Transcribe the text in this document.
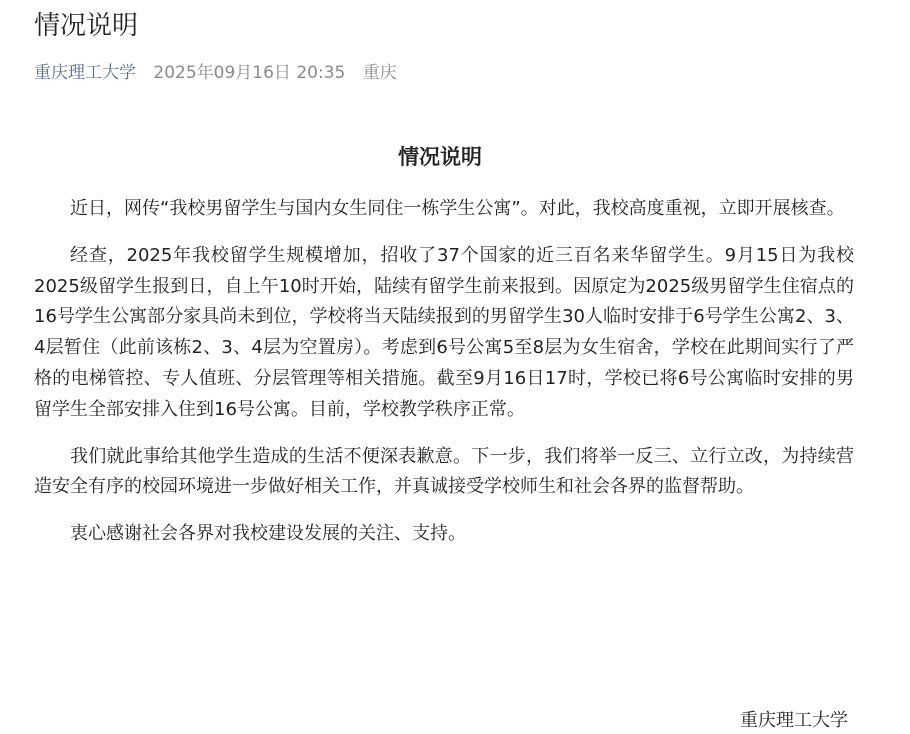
情况说明
重庆理工大学 2025年09月16日 20:35 重庆
情况说明

近日，网传“我校男留学生与国内女生同住一栋学生公寓”。对此，我校高度重视，立即开展核查。

经查，2025年我校留学生规模增加，招收了37个国家的近三百名来华留学生。9月15日为我校2025级留学生报到日，自上午10时开始，陆续有留学生前来报到。因原定为2025级男留学生住宿点的16号学生公寓部分家具尚未到位，学校将当天陆续报到的男留学生30人临时安排于6号学生公寓2、3、4层暂住（此前该栋2、3、4层为空置房）。考虑到6号公寓5至8层为女生宿舍，学校在此期间实行了严格的电梯管控、专人值班、分层管理等相关措施。截至9月16日17时，学校已将6号公寓临时安排的男留学生全部安排入住到16号公寓。目前，学校教学秩序正常。

我们就此事给其他学生造成的生活不便深表歉意。下一步，我们将举一反三、立行立改，为持续营造安全有序的校园环境进一步做好相关工作，并真诚接受学校师生和社会各界的监督帮助。

衷心感谢社会各界对我校建设发展的关注、支持。

重庆理工大学
